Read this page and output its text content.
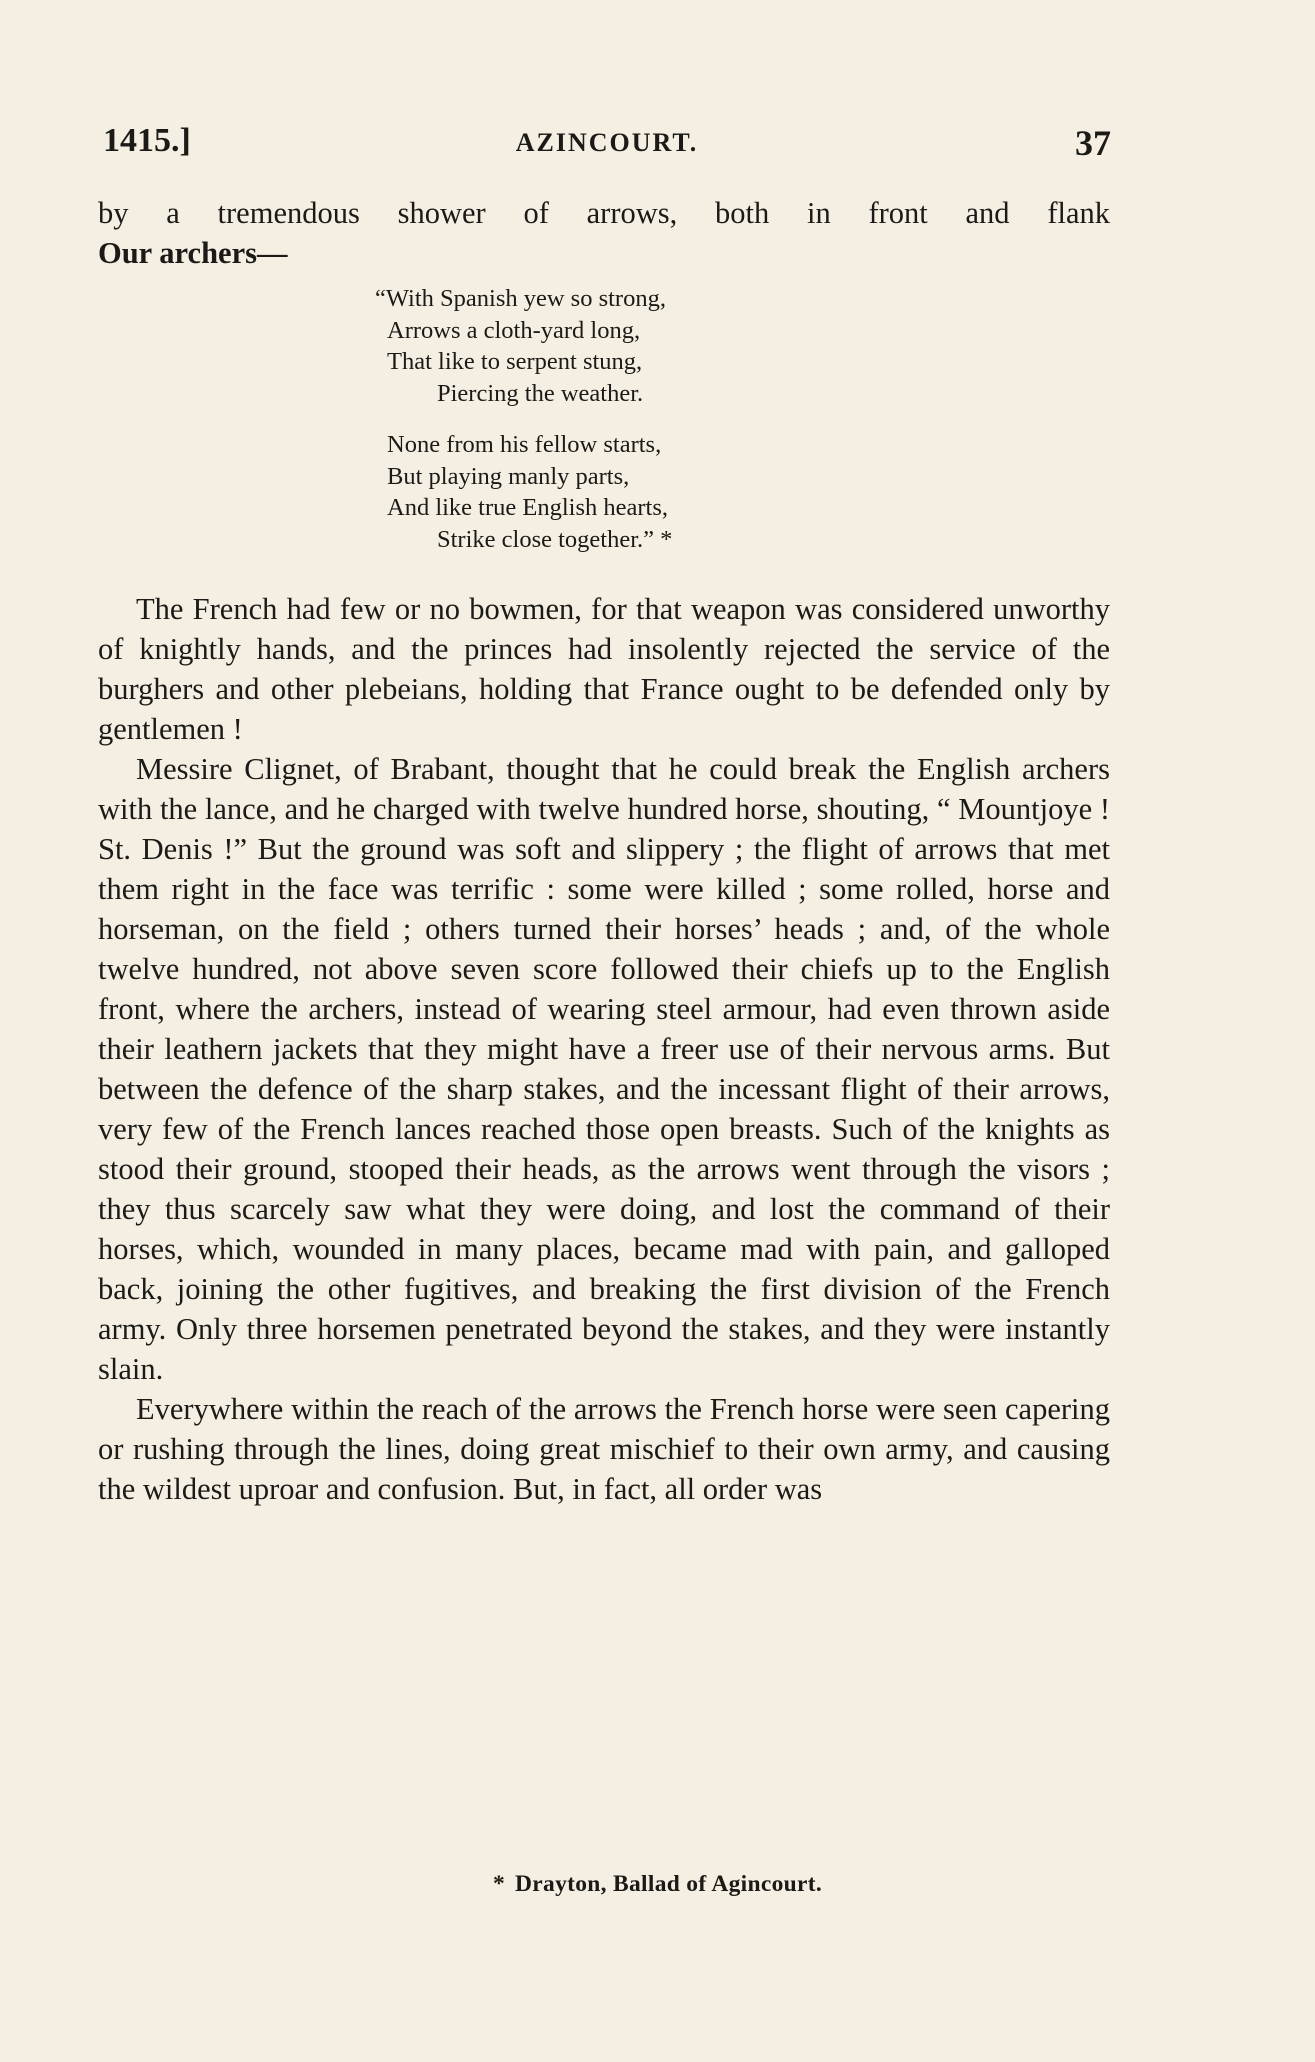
1415.]	AZINCOURT.	37
by a tremendous shower of arrows, both in front and flank
Our archers—
“With Spanish yew so strong,
Arrows a cloth-yard long,
That like to serpent stung,
Piercing the weather.
None from his fellow starts,
But playing manly parts,
And like true English hearts,
Strike close together.” *

The French had few or no bowmen, for that weapon was considered unworthy of knightly hands, and the princes had insolently rejected the service of the burghers and other plebeians, holding that France ought to be defended only by gentlemen !

Messire Clignet, of Brabant, thought that he could break the English archers with the lance, and he charged with twelve hundred horse, shouting, “ Mountjoye ! St. Denis !” But the ground was soft and slippery ; the flight of arrows that met them right in the face was terrific : some were killed ; some rolled, horse and horseman, on the field ; others turned their horses’ heads ; and, of the whole twelve hundred, not above seven score followed their chiefs up to the English front, where the archers, instead of wearing steel armour, had even thrown aside their leathern jackets that they might have a freer use of their nervous arms. But between the defence of the sharp stakes, and the incessant flight of their arrows, very few of the French lances reached those open breasts. Such of the knights as stood their ground, stooped their heads, as the arrows went through the visors ; they thus scarcely saw what they were doing, and lost the command of their horses, which, wounded in many places, became mad with pain, and galloped back, joining the other fugitives, and breaking the first division of the French army. Only three horsemen penetrated beyond the stakes, and they were instantly slain.

Everywhere within the reach of the arrows the French horse were seen capering or rushing through the lines, doing great mischief to their own army, and causing the wildest uproar and confusion. But, in fact, all order was

* Drayton, Ballad of Agincourt.
